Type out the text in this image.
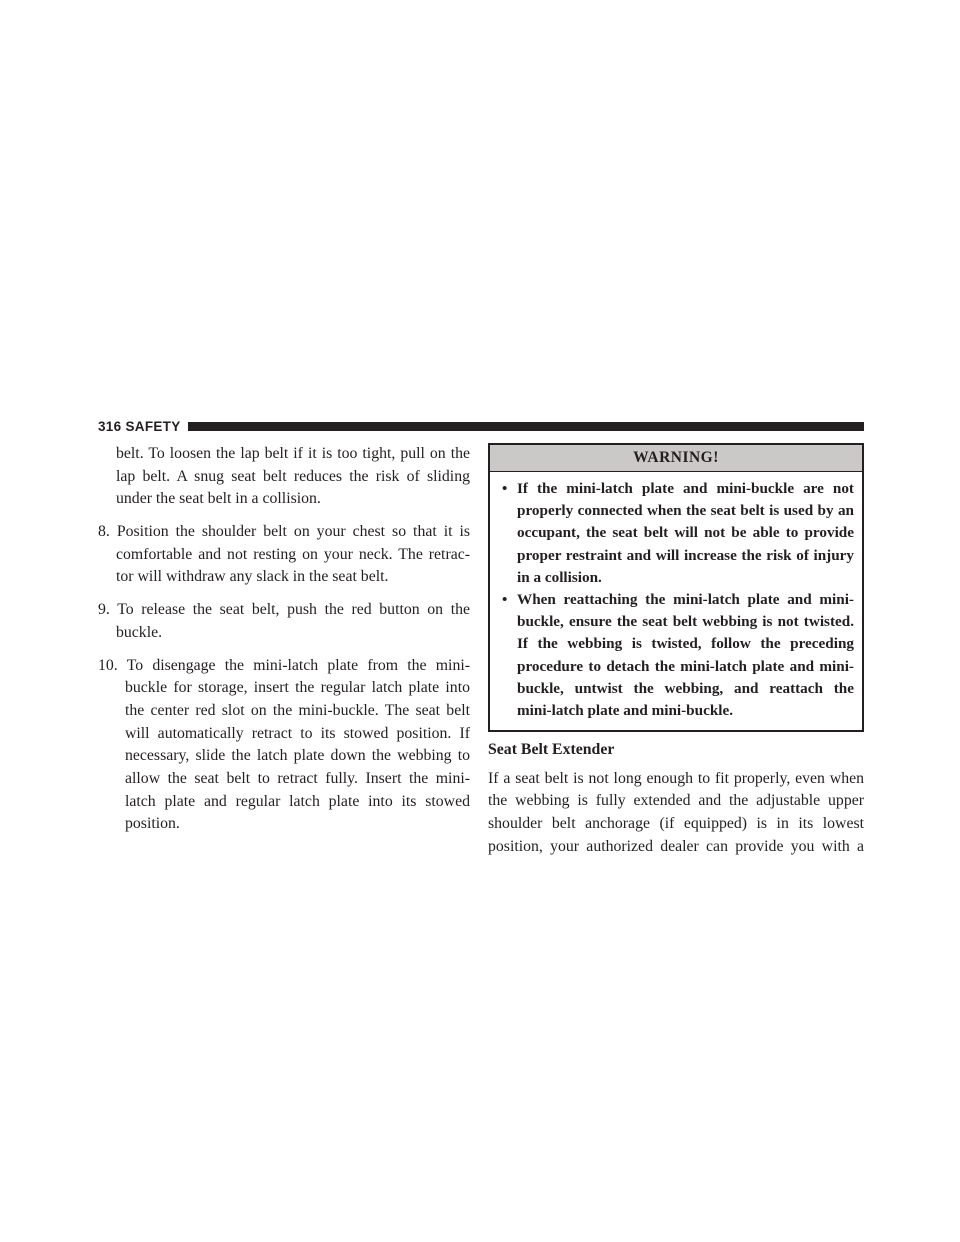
316 SAFETY
belt. To loosen the lap belt if it is too tight, pull on the
lap belt. A snug seat belt reduces the risk of sliding
under the seat belt in a collision.
8. Position the shoulder belt on your chest so that it is
comfortable and not resting on your neck. The retrac-
tor will withdraw any slack in the seat belt.
9. To release the seat belt, push the red button on the
buckle.
10. To disengage the mini-latch plate from the mini-
buckle for storage, insert the regular latch plate into
the center red slot on the mini-buckle. The seat belt
will automatically retract to its stowed position. If
necessary, slide the latch plate down the webbing to
allow the seat belt to retract fully. Insert the mini-
latch plate and regular latch plate into its stowed
position.
WARNING!
• If the mini-latch plate and mini-buckle are not
properly connected when the seat belt is used by an
occupant, the seat belt will not be able to provide
proper restraint and will increase the risk of injury
in a collision.
• When reattaching the mini-latch plate and mini-
buckle, ensure the seat belt webbing is not twisted.
If the webbing is twisted, follow the preceding
procedure to detach the mini-latch plate and mini-
buckle, untwist the webbing, and reattach the
mini-latch plate and mini-buckle.
Seat Belt Extender
If a seat belt is not long enough to fit properly, even when
the webbing is fully extended and the adjustable upper
shoulder belt anchorage (if equipped) is in its lowest
position, your authorized dealer can provide you with a
